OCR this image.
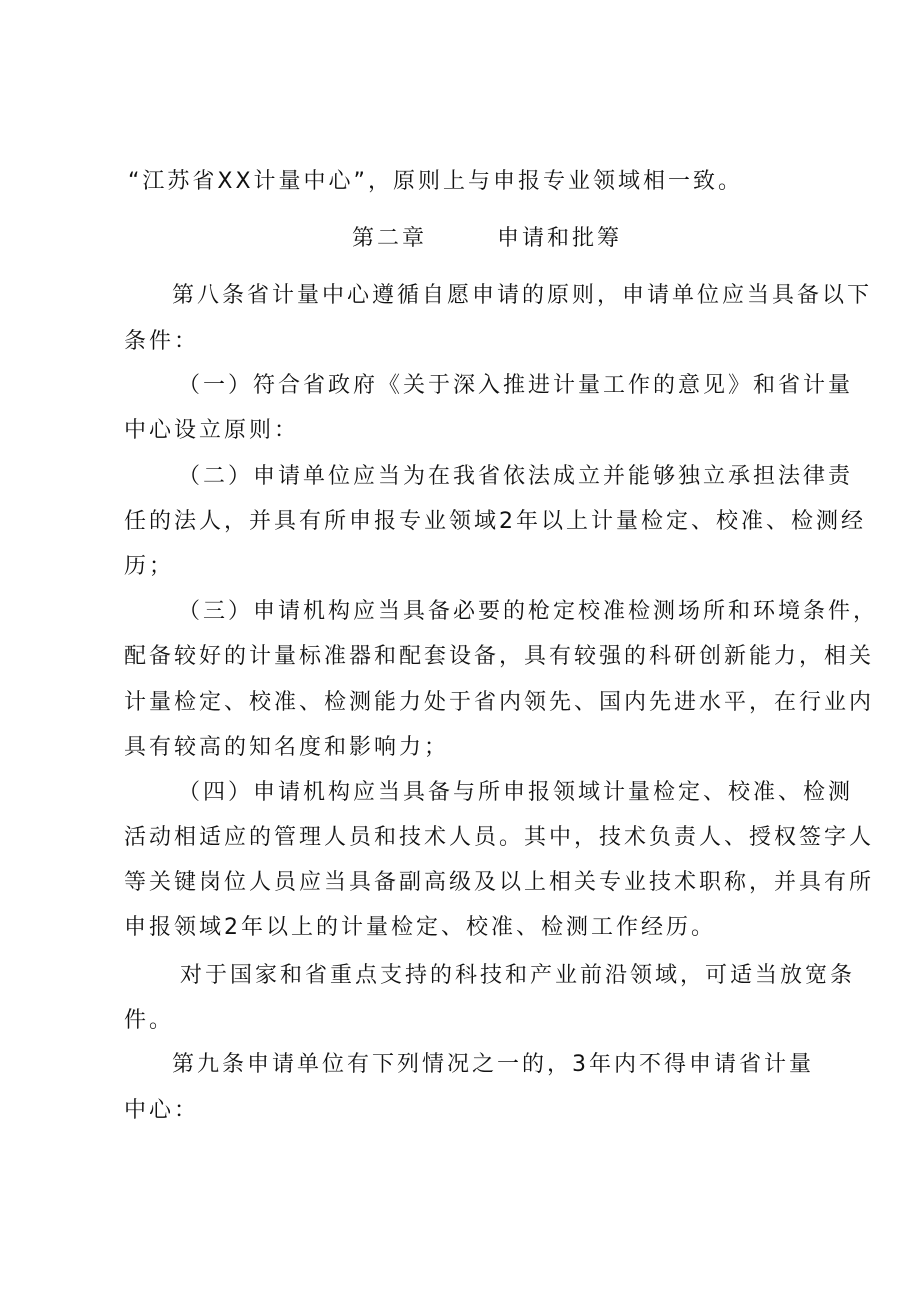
“江苏省XX计量中心”，原则上与申报专业领域相一致。
第二章	申请和批筹
第八条省计量中心遵循自愿申请的原则，申请单位应当具备以下
条件：
（一）符合省政府《关于深入推进计量工作的意见》和省计量
中心设立原则：
（二）申请单位应当为在我省依法成立并能够独立承担法律责
任的法人，并具有所申报专业领域2年以上计量检定、校准、检测经
历；
（三）申请机构应当具备必要的枪定校准检测场所和环境条件，
配备较好的计量标准器和配套设备，具有较强的科研创新能力，相关
计量检定、校准、检测能力处于省内领先、国内先进水平，在行业内
具有较高的知名度和影响力；
（四）申请机构应当具备与所申报领域计量检定、校准、检测
活动相适应的管理人员和技术人员。其中，技术负责人、授权签字人
等关键岗位人员应当具备副高级及以上相关专业技术职称，并具有所
申报领域2年以上的计量检定、校准、检测工作经历。
对于国家和省重点支持的科技和产业前沿领域，可适当放宽条
件。
第九条申请单位有下列情况之一的，3年内不得申请省计量
中心：
